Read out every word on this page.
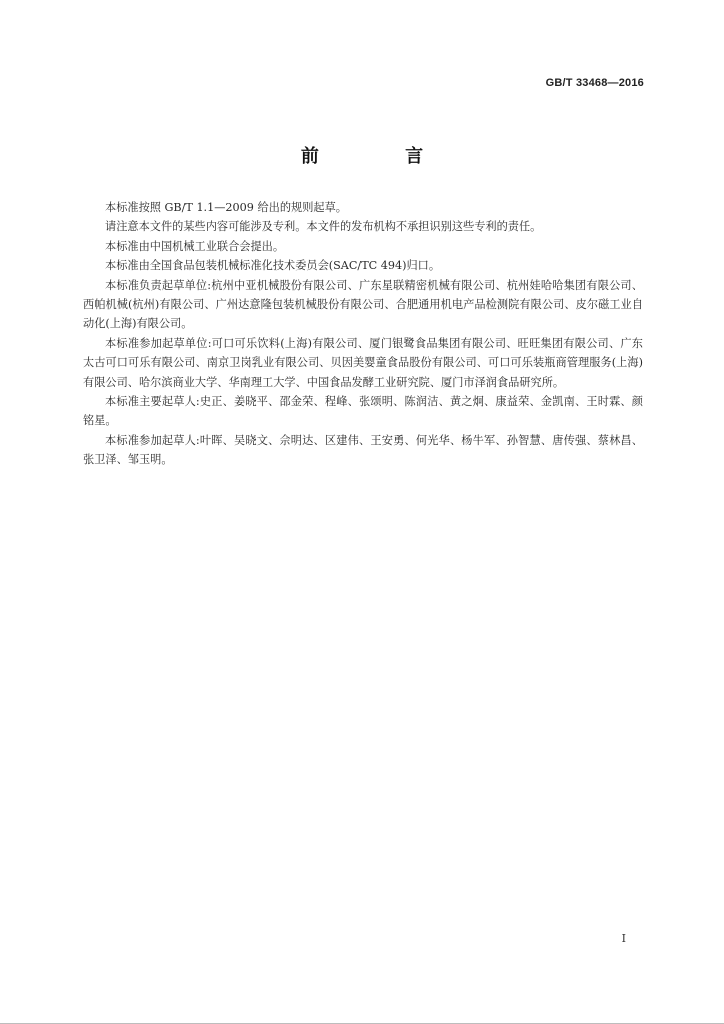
GB/T 33468—2016
前 言

本标准按照 GB/T 1.1—2009 给出的规则起草。

请注意本文件的某些内容可能涉及专利。本文件的发布机构不承担识别这些专利的责任。

本标准由中国机械工业联合会提出。

本标准由全国食品包装机械标准化技术委员会(SAC/TC 494)归口。

本标准负责起草单位:杭州中亚机械股份有限公司、广东星联精密机械有限公司、杭州娃哈哈集团有限公司、西帕机械(杭州)有限公司、广州达意隆包装机械股份有限公司、合肥通用机电产品检测院有限公司、皮尔磁工业自动化(上海)有限公司。

本标准参加起草单位:可口可乐饮料(上海)有限公司、厦门银鹭食品集团有限公司、旺旺集团有限公司、广东太古可口可乐有限公司、南京卫岗乳业有限公司、贝因美婴童食品股份有限公司、可口可乐装瓶商管理服务(上海)有限公司、哈尔滨商业大学、华南理工大学、中国食品发酵工业研究院、厦门市泽润食品研究所。

本标准主要起草人:史正、姜晓平、邵金荣、程峰、张颂明、陈润洁、黄之炯、康益荣、金凯南、王时霖、颜铭星。

本标准参加起草人:叶晖、吴晓文、佘明达、区建伟、王安勇、何光华、杨牛军、孙智慧、唐传强、蔡林昌、张卫泽、邹玉明。

I
